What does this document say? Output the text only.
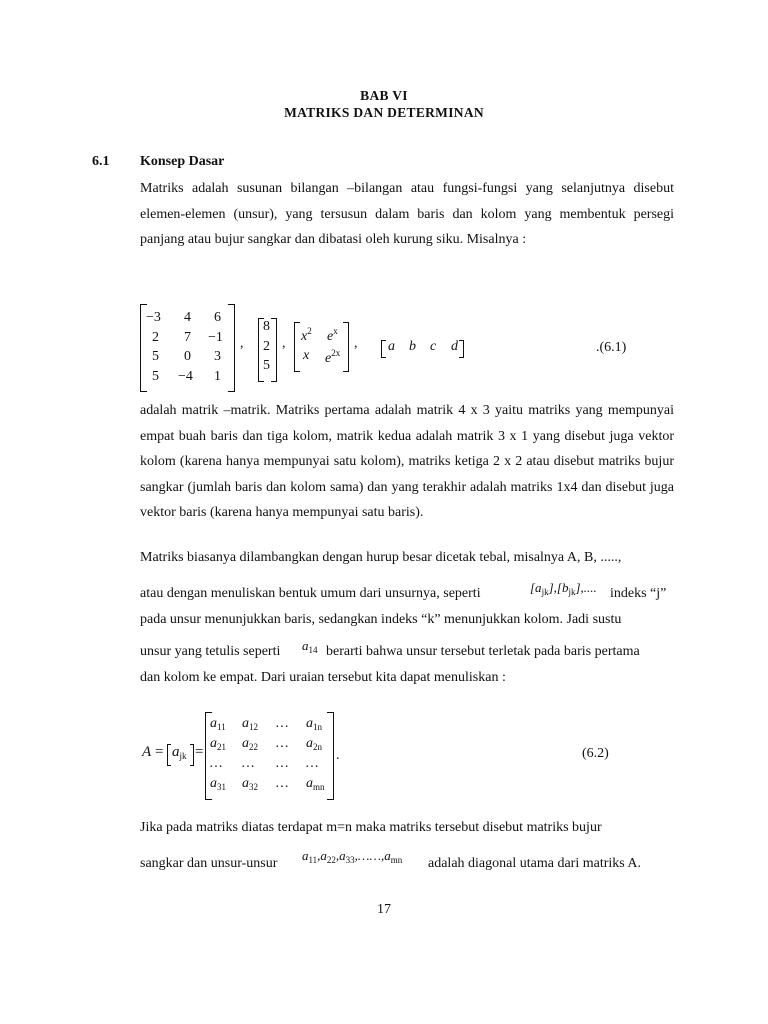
BAB VI
MATRIKS DAN DETERMINAN
6.1 Konsep Dasar
Matriks adalah susunan bilangan –bilangan atau fungsi-fungsi yang selanjutnya disebut elemen-elemen (unsur), yang tersusun dalam baris dan kolom yang membentuk persegi panjang atau bujur sangkar dan dibatasi oleh kurung siku. Misalnya :
−3 4 6
2 7 −1
5 0 3
5 −4 1
,
8
2
5
, $x^2$ $e^x$
x $e^{2x}$
, a b c d	.(6.1)
adalah matrik –matrik. Matriks pertama adalah matrik 4 x 3 yaitu matriks yang mempunyai empat buah baris dan tiga kolom, matrik kedua adalah matrik 3 x 1 yang disebut juga vektor kolom (karena hanya mempunyai satu kolom), matriks ketiga 2 x 2 atau disebut matriks bujur sangkar (jumlah baris dan kolom sama) dan yang terakhir adalah matriks 1x4 dan disebut juga vektor baris (karena hanya mempunyai satu baris).
Matriks biasanya dilambangkan dengan hurup besar dicetak tebal, misalnya A, B, .....,
atau dengan menuliskan bentuk umum dari unsurnya, seperti	$[a_{jk}],[b_{jk}]$,.... indeks “j”
pada unsur menunjukkan baris, sedangkan indeks “k” menunjukkan kolom. Jadi sustu
unsur yang tetulis seperti $a_{14}$ berarti bahwa unsur tersebut terletak pada baris pertama
dan kolom ke empat. Dari uraian tersebut kita dapat menuliskan :
$A = a_{jk}$ =
$a_{11}$ $a_{12}$ … $a_{1n}$
$a_{21}$ $a_{22}$ … $a_{2n}$
… … … …
$a_{31}$ $a_{32}$ … $a_{mn}$
.	(6.2)
Jika pada matriks diatas terdapat m=n maka matriks tersebut disebut matriks bujur
sangkar dan unsur-unsur
$a_{11},a_{22},a_{33},\dots\dots,a_{mn}$ adalah diagonal utama dari matriks A.
17
